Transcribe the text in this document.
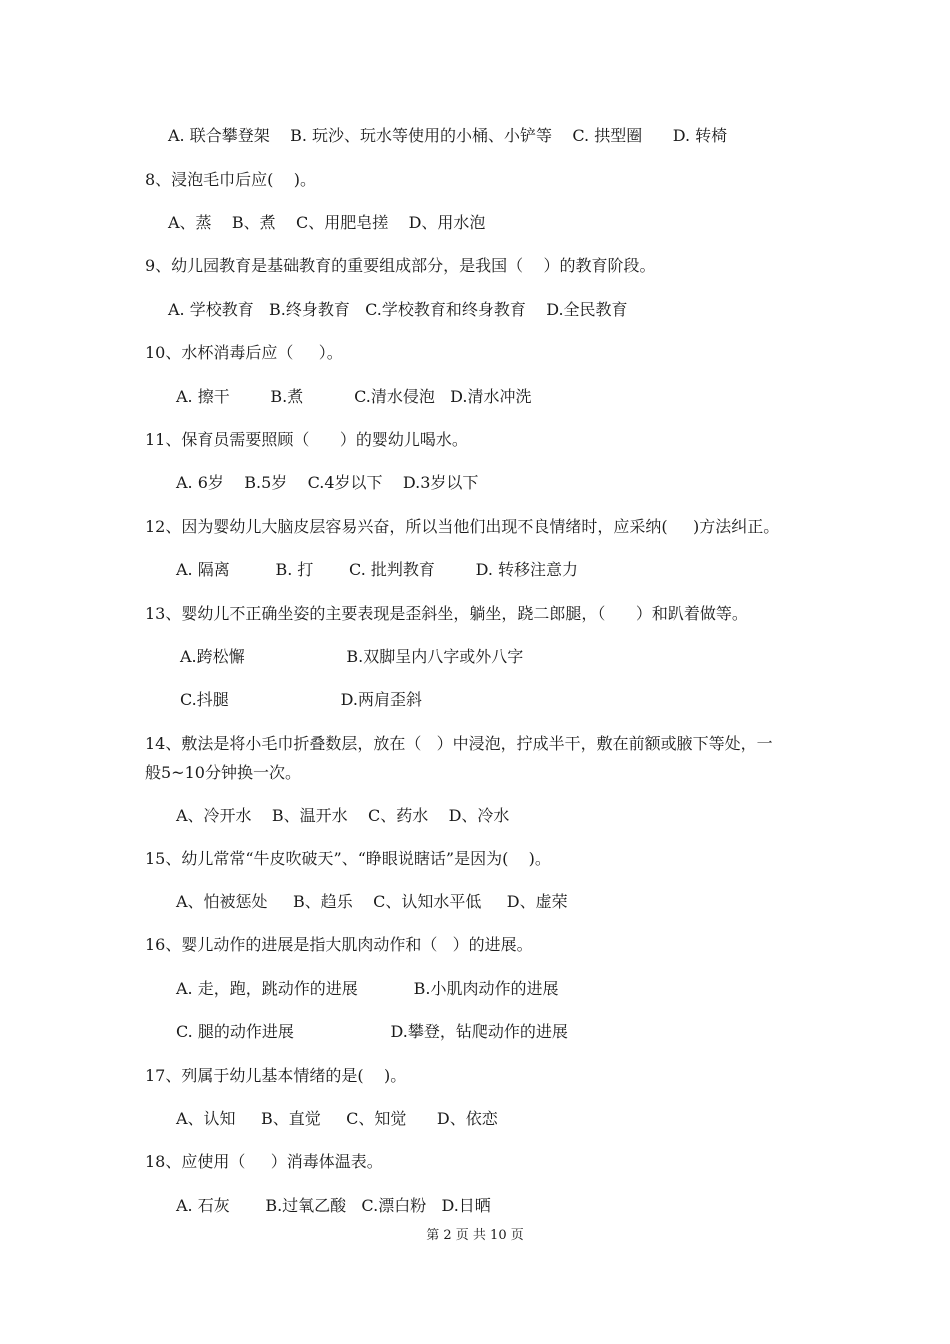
A. 联合攀登架    B. 玩沙、玩水等使用的小桶、小铲等    C. 拱型圈      D. 转椅
8、浸泡毛巾后应(    )。
A、蒸    B、煮    C、用肥皂搓    D、用水泡
9、幼儿园教育是基础教育的重要组成部分，是我国（    ）的教育阶段。
A. 学校教育   B.终身教育   C.学校教育和终身教育    D.全民教育
10、水杯消毒后应（     ）。
A. 擦干        B.煮          C.清水侵泡   D.清水冲洗
11、保育员需要照顾（      ）的婴幼儿喝水。
A. 6岁    B.5岁    C.4岁以下    D.3岁以下
12、因为婴幼儿大脑皮层容易兴奋，所以当他们出现不良情绪时，应采纳(     )方法纠正。
A. 隔离         B. 打       C. 批判教育        D. 转移注意力
13、婴幼儿不正确坐姿的主要表现是歪斜坐，躺坐，跷二郎腿，（      ）和趴着做等。
A.跨松懈                    B.双脚呈内八字或外八字
C.抖腿                      D.两肩歪斜
14、敷法是将小毛巾折叠数层，放在（   ）中浸泡，拧成半干，敷在前额或腋下等处，一
般5~10分钟换一次。
A、冷开水    B、温开水    C、药水    D、冷水
15、幼儿常常“牛皮吹破天”、“睁眼说瞎话”是因为(    )。
A、怕被惩处     B、趋乐    C、认知水平低     D、虚荣
16、婴儿动作的进展是指大肌肉动作和（   ）的进展。
A. 走，跑，跳动作的进展           B.小肌肉动作的进展
C. 腿的动作进展                   D.攀登，钻爬动作的进展
17、列属于幼儿基本情绪的是(    )。
A、认知     B、直觉     C、知觉      D、依恋
18、应使用（     ）消毒体温表。
A. 石灰       B.过氧乙酸   C.漂白粉   D.日晒
第 2 页 共 10 页
